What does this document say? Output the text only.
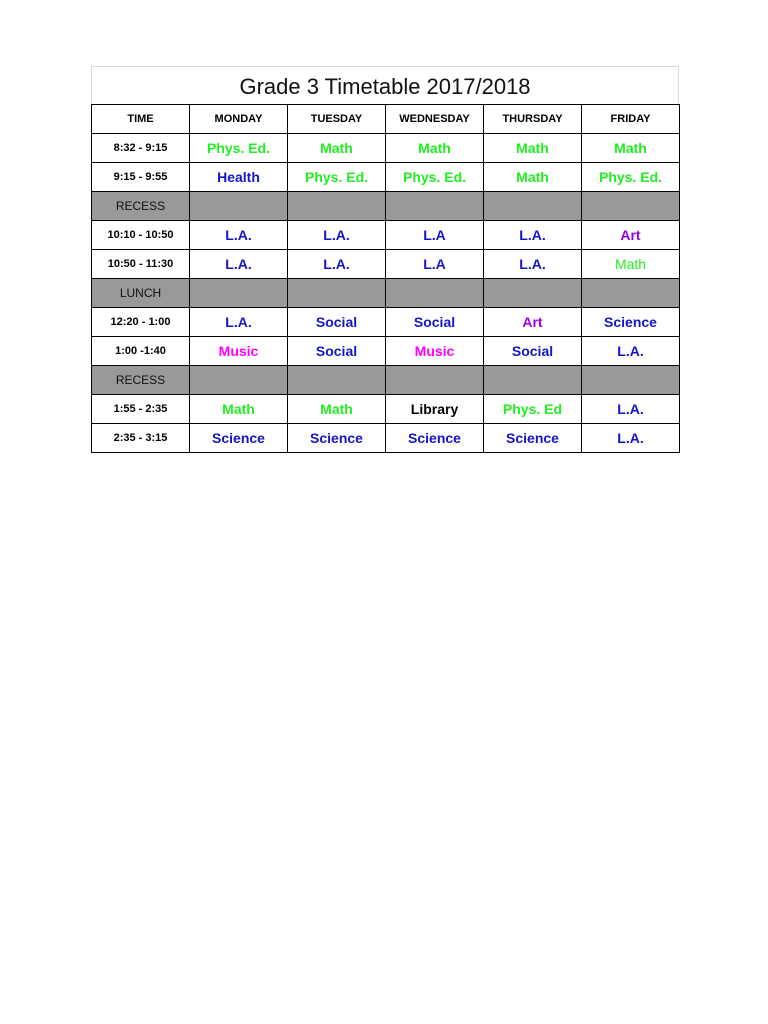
Grade 3 Timetable 2017/2018
TIME	MONDAY	TUESDAY	WEDNESDAY	THURSDAY	FRIDAY
8:32 - 9:15	Phys. Ed.	Math	Math	Math	Math
9:15 - 9:55	Health	Phys. Ed.	Phys. Ed.	Math	Phys. Ed.
RECESS					
10:10 - 10:50	L.A.	L.A.	L.A	L.A.	Art
10:50 - 11:30	L.A.	L.A.	L.A	L.A.	Math
LUNCH					
12:20 - 1:00	L.A.	Social	Social	Art	Science
1:00 -1:40	Music	Social	Music	Social	L.A.
RECESS					
1:55 - 2:35	Math	Math	Library	Phys. Ed	L.A.
2:35 - 3:15	Science	Science	Science	Science	L.A.
